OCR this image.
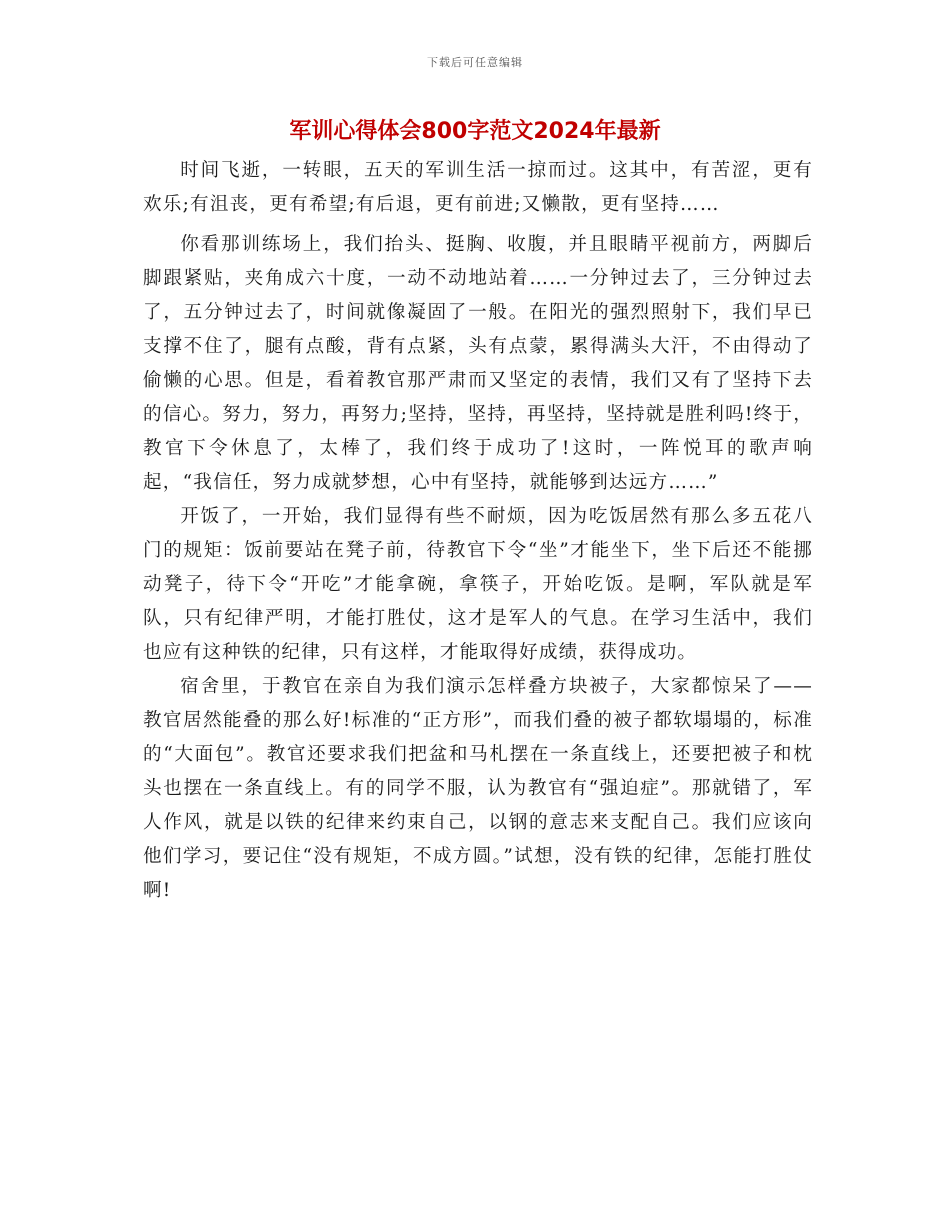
下载后可任意编辑
军训心得体会800字范文2024年最新

时间飞逝，一转眼，五天的军训生活一掠而过。这其中，有苦涩，更有欢乐;有沮丧，更有希望;有后退，更有前进;又懒散，更有坚持……

你看那训练场上，我们抬头、挺胸、收腹，并且眼睛平视前方，两脚后脚跟紧贴，夹角成六十度，一动不动地站着……一分钟过去了，三分钟过去了，五分钟过去了，时间就像凝固了一般。在阳光的强烈照射下，我们早已支撑不住了，腿有点酸，背有点紧，头有点蒙，累得满头大汗，不由得动了偷懒的心思。但是，看着教官那严肃而又坚定的表情，我们又有了坚持下去的信心。努力，努力，再努力;坚持，坚持，再坚持，坚持就是胜利吗!终于，教官下令休息了，太棒了，我们终于成功了!这时，一阵悦耳的歌声响起，“我信任，努力成就梦想，心中有坚持，就能够到达远方……”

开饭了，一开始，我们显得有些不耐烦，因为吃饭居然有那么多五花八门的规矩：饭前要站在凳子前，待教官下令“坐”才能坐下，坐下后还不能挪动凳子，待下令“开吃”才能拿碗，拿筷子，开始吃饭。是啊，军队就是军队，只有纪律严明，才能打胜仗，这才是军人的气息。在学习生活中，我们也应有这种铁的纪律，只有这样，才能取得好成绩，获得成功。

宿舍里，于教官在亲自为我们演示怎样叠方块被子，大家都惊呆了——教官居然能叠的那么好!标准的“正方形”，而我们叠的被子都软塌塌的，标准的“大面包”。教官还要求我们把盆和马札摆在一条直线上，还要把被子和枕头也摆在一条直线上。有的同学不服，认为教官有“强迫症”。那就错了，军人作风，就是以铁的纪律来约束自己，以钢的意志来支配自己。我们应该向他们学习，要记住“没有规矩，不成方圆。”试想，没有铁的纪律，怎能打胜仗啊!
